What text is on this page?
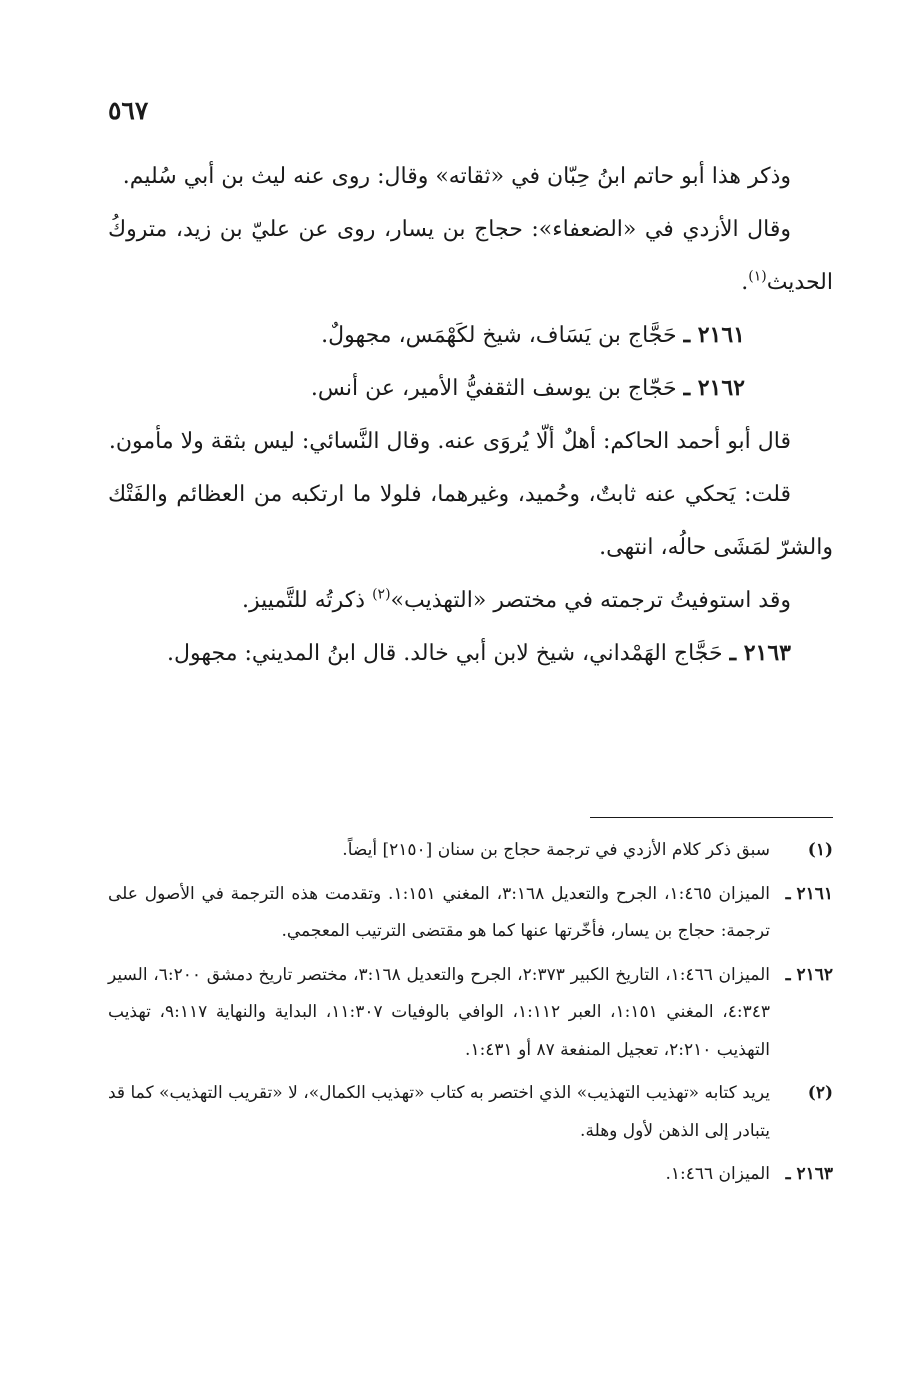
٥٦٧

وذكر هذا أبو حاتم ابنُ حِبّان في «ثقاته» وقال: روى عنه ليث بن أبي سُليم.

وقال الأزدي في «الضعفاء»: حجاج بن يسار، روى عن عليّ بن زيد، متروكُ الحديث$^{(١)}$.

٢١٦١ ـ حَجَّاج بن يَسَاف، شيخ لكَهْمَس، مجهولٌ.

٢١٦٢ ـ حَجّاج بن يوسف الثقفيُّ الأمير، عن أنس.

قال أبو أحمد الحاكم: أهلٌ ألّا يُروَى عنه. وقال النَّسائي: ليس بثقة ولا مأمون.

قلت: يَحكي عنه ثابتٌ، وحُميد، وغيرهما، فلولا ما ارتكبه من العظائم والفَتْك والشرّ لمَشَى حالُه، انتهى.

وقد استوفيتُ ترجمته في مختصر «التهذيب»$^{(٢)}$ ذكرتُه للتَّمييز.

٢١٦٣ ـ حَجَّاج الهَمْداني، شيخ لابن أبي خالد. قال ابنُ المديني: مجهول.

(١)سبق ذكر كلام الأزدي في ترجمة حجاج بن سنان [٢١٥٠] أيضاً.

٢١٦١ ـالميزان ١:٤٦٥، الجرح والتعديل ٣:١٦٨، المغني ١:١٥١. وتقدمت هذه الترجمة في الأصول على ترجمة: حجاج بن يسار، فأخّرتها عنها كما هو مقتضى الترتيب المعجمي.

٢١٦٢ ـالميزان ١:٤٦٦، التاريخ الكبير ٢:٣٧٣، الجرح والتعديل ٣:١٦٨، مختصر تاريخ دمشق ٦:٢٠٠، السير ٤:٣٤٣، المغني ١:١٥١، العبر ١:١١٢، الوافي بالوفيات ١١:٣٠٧، البداية والنهاية ٩:١١٧، تهذيب التهذيب ٢:٢١٠، تعجيل المنفعة ٨٧ أو ١:٤٣١.

(٢)يريد كتابه «تهذيب التهذيب» الذي اختصر به كتاب «تهذيب الكمال»، لا «تقريب التهذيب» كما قد يتبادر إلى الذهن لأول وهلة.

٢١٦٣ ـالميزان ١:٤٦٦.
